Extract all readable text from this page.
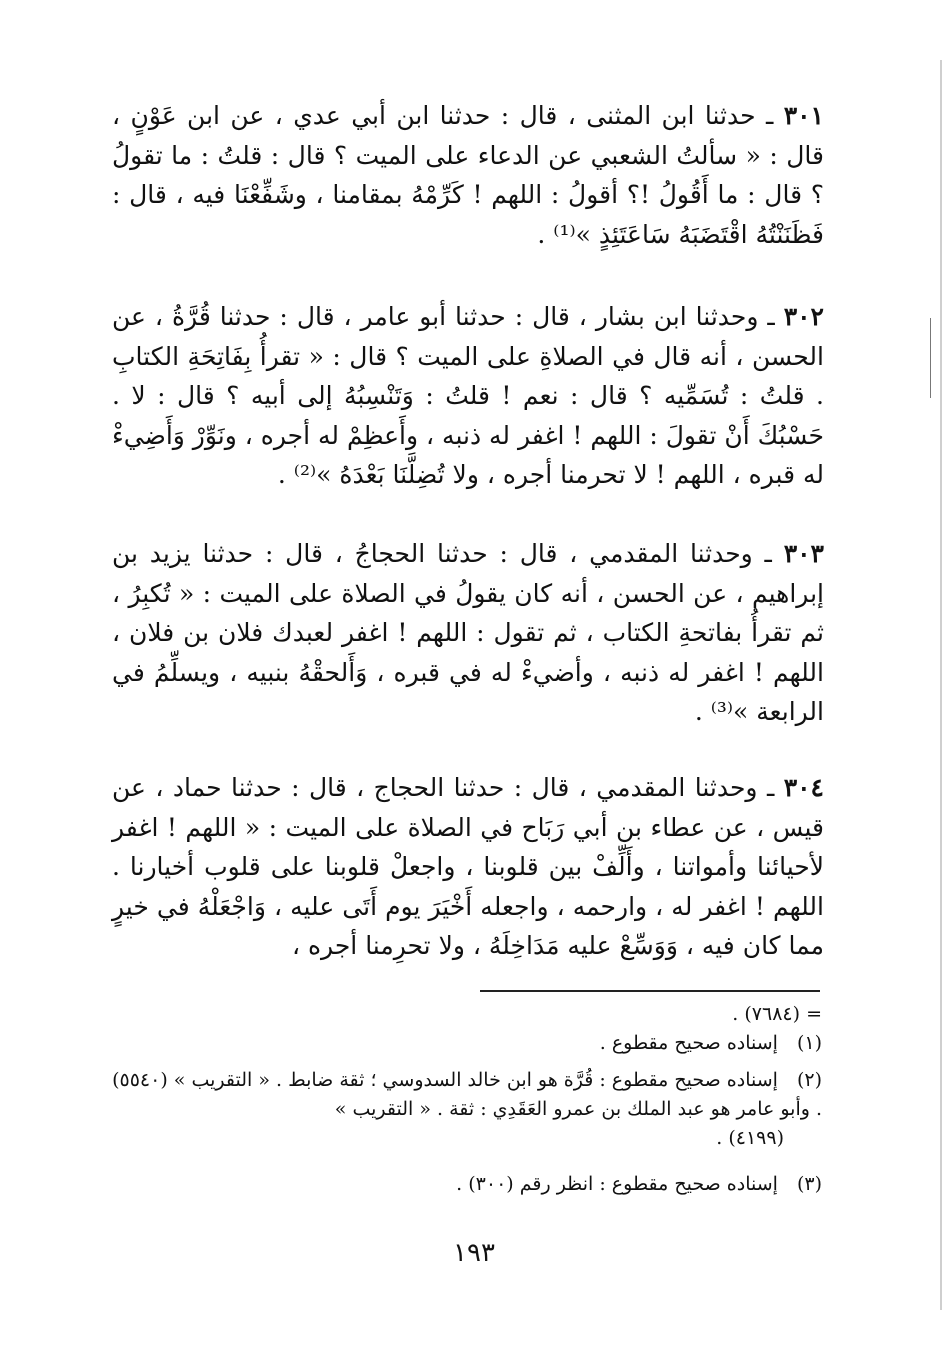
٣٠١ ـ حدثنا ابن المثنى ، قال : حدثنا ابن أبي عدي ، عن ابن عَوْنٍ ، قال : « سألتُ الشعبي عن الدعاء على الميت ؟ قال : قلتُ : ما تقولُ ؟ قال : ما أَقُولُ !؟ أقولُ : اللهم ! كَرِّمْهُ بمقامنا ، وشَفِّعْنَا فيه ، قال : فَظَنَنْتُهُ اقْتَضَبَهُ سَاعَتَئِذٍ »⁽¹⁾ .

٣٠٢ ـ وحدثنا ابن بشار ، قال : حدثنا أبو عامر ، قال : حدثنا قُرَّةُ ، عن الحسن ، أنه قال في الصلاةِ على الميت ؟ قال : « تقرأُ بِفَاتِحَةِ الكتابِ . قلتُ : تُسَمِّيه ؟ قال : نعم ! قلتُ : وَتَنْسِبُهُ إلى أبيه ؟ قال : لا . حَسْبُكَ أَنْ تقولَ : اللهم ! اغفر له ذنبه ، وأَعظِمْ له أجره ، ونَوِّرْ وَأَضِيءْ له قبره ، اللهم ! لا تحرمنا أجره ، ولا تُضِلَّنَا بَعْدَهُ »⁽²⁾ .

٣٠٣ ـ وحدثنا المقدمي ، قال : حدثنا الحجاجُ ، قال : حدثنا يزيد بن إبراهيم ، عن الحسن ، أنه كان يقولُ في الصلاة على الميت : « تُكبِرُ ، ثم تقرأُ بفاتحةِ الكتاب ، ثم تقول : اللهم ! اغفر لعبدك فلان بن فلان ، اللهم ! اغفر له ذنبه ، وأضيءْ له في قبره ، وَأَلحقْهُ بنبيه ، ويسلِّمُ في الرابعة »⁽³⁾ .

٣٠٤ ـ وحدثنا المقدمي ، قال : حدثنا الحجاج ، قال : حدثنا حماد ، عن قيس ، عن عطاء بن أبي رَبَاح في الصلاة على الميت : « اللهم ! اغفر لأحيائنا وأمواتنا ، وأَلِّفْ بين قلوبنا ، واجعلْ قلوبنا على قلوب أخيارنا . اللهم ! اغفر له ، وارحمه ، واجعله أَخْيَرَ يوم أَتَى عليه ، وَاجْعَلْهُ في خيرٍ مما كان فيه ، وَوَسِّعْ عليه مَدَاخِلَهُ ، ولا تحرِمنا أجره ،

= (٧٦٨٤) .
(١) إسناده صحيح مقطوع .
(٢) إسناده صحيح مقطوع : قُرَّة هو ابن خالد السدوسي ؛ ثقة ضابط . « التقريب » (٥٥٤٠) . وأبو عامر هو عبد الملك بن عمرو العَقَدِي : ثقة . « التقريب »
(٤١٩٩) .
(٣) إسناده صحيح مقطوع : انظر رقم (٣٠٠) .
١٩٣
